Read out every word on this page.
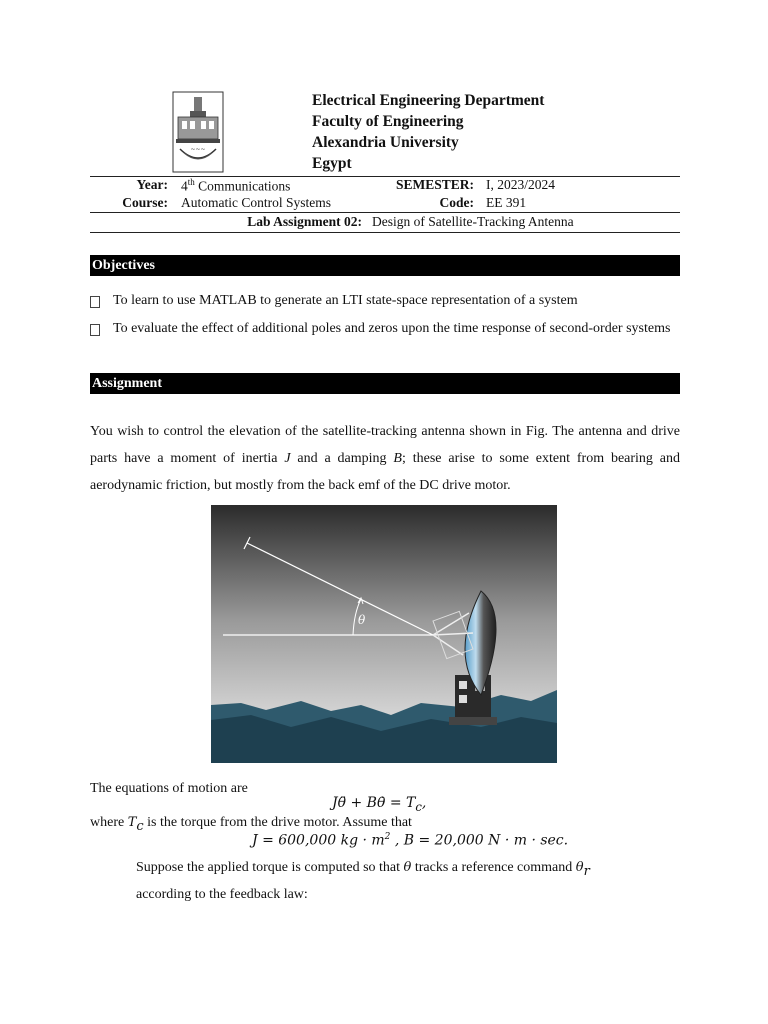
~~~
Electrical Engineering Department
Faculty of Engineering
Alexandria University
Egypt
Year: 4th Communications	SEMESTER: I, 2023/2024
Course: Automatic Control Systems	Code: EE 391
Lab Assignment 02: Design of Satellite-Tracking Antenna
Objectives
To learn to use MATLAB to generate an LTI state-space representation of a system
To evaluate the effect of additional poles and zeros upon the time response of second-order systems
Assignment
You wish to control the elevation of the satellite-tracking antenna shown in Fig. The antenna and drive parts have a moment of inertia J and a damping B; these arise to some extent from bearing and aerodynamic friction, but mostly from the back emf of the DC drive motor.
θ
The equations of motion are
Jθ̈ + Bθ̇ = $T_c$,
where $T_c$ is the torque from the drive motor. Assume that
J = 600,000 kg · $m^2$ , B = 20,000 N · m · sec.
Suppose the applied torque is computed so that θ tracks a reference command $\theta_r$
according to the feedback law:
